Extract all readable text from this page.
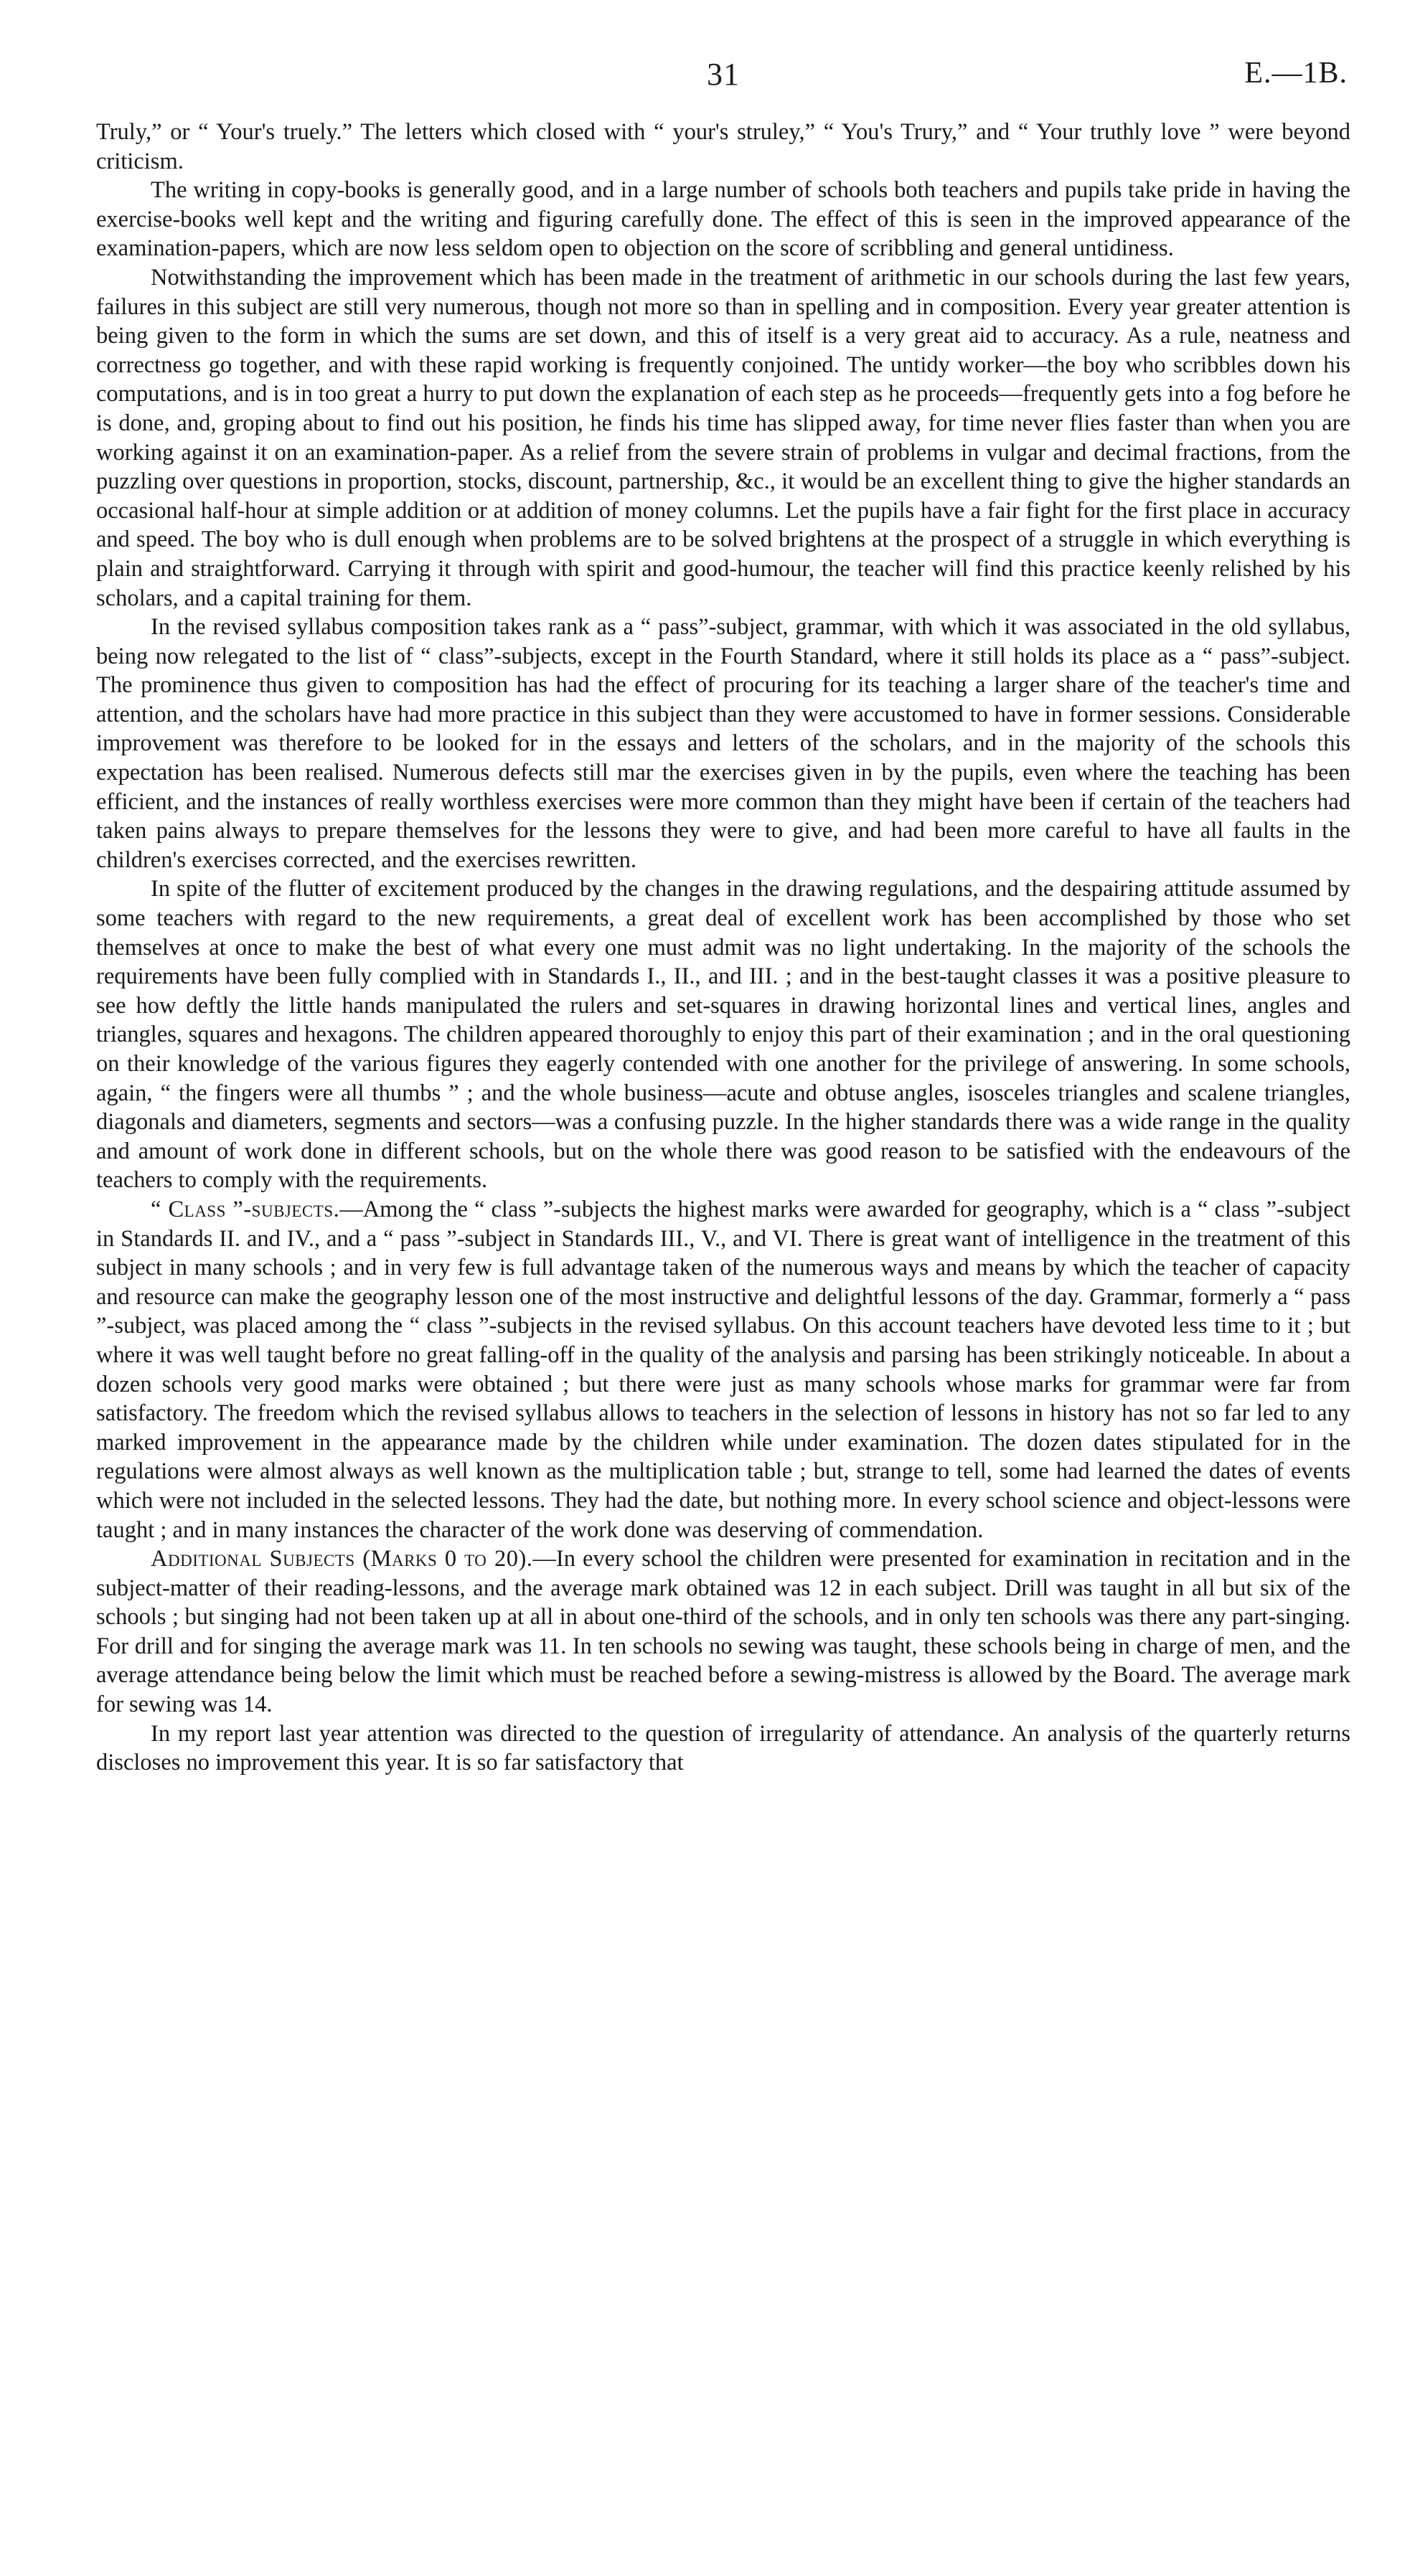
31	E.—1B.

Truly,” or “ Your's truely.” The letters which closed with “ your's struley,” “ You's Trury,” and “ Your truthly love ” were beyond criticism.

The writing in copy-books is generally good, and in a large number of schools both teachers and pupils take pride in having the exercise-books well kept and the writing and figuring carefully done. The effect of this is seen in the improved appearance of the examination-papers, which are now less seldom open to objection on the score of scribbling and general untidiness.

Notwithstanding the improvement which has been made in the treatment of arithmetic in our schools during the last few years, failures in this subject are still very numerous, though not more so than in spelling and in composition. Every year greater attention is being given to the form in which the sums are set down, and this of itself is a very great aid to accuracy. As a rule, neatness and correctness go together, and with these rapid working is frequently conjoined. The untidy worker—the boy who scribbles down his computations, and is in too great a hurry to put down the explanation of each step as he proceeds—frequently gets into a fog before he is done, and, groping about to find out his position, he finds his time has slipped away, for time never flies faster than when you are working against it on an examination-paper. As a relief from the severe strain of problems in vulgar and decimal fractions, from the puzzling over questions in proportion, stocks, discount, partnership, &c., it would be an excellent thing to give the higher standards an occasional half-hour at simple addition or at addition of money columns. Let the pupils have a fair fight for the first place in accuracy and speed. The boy who is dull enough when problems are to be solved brightens at the prospect of a struggle in which everything is plain and straightforward. Carrying it through with spirit and good-humour, the teacher will find this practice keenly relished by his scholars, and a capital training for them.

In the revised syllabus composition takes rank as a “ pass”-subject, grammar, with which it was associated in the old syllabus, being now relegated to the list of “ class”-subjects, except in the Fourth Standard, where it still holds its place as a “ pass”-subject. The prominence thus given to composition has had the effect of procuring for its teaching a larger share of the teacher's time and attention, and the scholars have had more practice in this subject than they were accustomed to have in former sessions. Considerable improvement was therefore to be looked for in the essays and letters of the scholars, and in the majority of the schools this expectation has been realised. Numerous defects still mar the exercises given in by the pupils, even where the teaching has been efficient, and the instances of really worthless exercises were more common than they might have been if certain of the teachers had taken pains always to prepare themselves for the lessons they were to give, and had been more careful to have all faults in the children's exercises corrected, and the exercises rewritten.

In spite of the flutter of excitement produced by the changes in the drawing regulations, and the despairing attitude assumed by some teachers with regard to the new requirements, a great deal of excellent work has been accomplished by those who set themselves at once to make the best of what every one must admit was no light undertaking. In the majority of the schools the requirements have been fully complied with in Standards I., II., and III. ; and in the best-taught classes it was a positive pleasure to see how deftly the little hands manipulated the rulers and set-squares in drawing horizontal lines and vertical lines, angles and triangles, squares and hexagons. The children appeared thoroughly to enjoy this part of their examination ; and in the oral questioning on their knowledge of the various figures they eagerly contended with one another for the privilege of answering. In some schools, again, “ the fingers were all thumbs ” ; and the whole business—acute and obtuse angles, isosceles triangles and scalene triangles, diagonals and diameters, segments and sectors—was a confusing puzzle. In the higher standards there was a wide range in the quality and amount of work done in different schools, but on the whole there was good reason to be satisfied with the endeavours of the teachers to comply with the requirements.

“ Class ”-subjects.—Among the “ class ”-subjects the highest marks were awarded for geography, which is a “ class ”-subject in Standards II. and IV., and a “ pass ”-subject in Standards III., V., and VI. There is great want of intelligence in the treatment of this subject in many schools ; and in very few is full advantage taken of the numerous ways and means by which the teacher of capacity and resource can make the geography lesson one of the most instructive and delightful lessons of the day. Grammar, formerly a “ pass ”-subject, was placed among the “ class ”-subjects in the revised syllabus. On this account teachers have devoted less time to it ; but where it was well taught before no great falling-off in the quality of the analysis and parsing has been strikingly noticeable. In about a dozen schools very good marks were obtained ; but there were just as many schools whose marks for grammar were far from satisfactory. The freedom which the revised syllabus allows to teachers in the selection of lessons in history has not so far led to any marked improvement in the appearance made by the children while under examination. The dozen dates stipulated for in the regulations were almost always as well known as the multiplication table ; but, strange to tell, some had learned the dates of events which were not included in the selected lessons. They had the date, but nothing more. In every school science and object-lessons were taught ; and in many instances the character of the work done was deserving of commendation.

Additional Subjects (Marks 0 to 20).—In every school the children were presented for examination in recitation and in the subject-matter of their reading-lessons, and the average mark obtained was 12 in each subject. Drill was taught in all but six of the schools ; but singing had not been taken up at all in about one-third of the schools, and in only ten schools was there any part-singing. For drill and for singing the average mark was 11. In ten schools no sewing was taught, these schools being in charge of men, and the average attendance being below the limit which must be reached before a sewing-mistress is allowed by the Board. The average mark for sewing was 14.

In my report last year attention was directed to the question of irregularity of attendance. An analysis of the quarterly returns discloses no improvement this year. It is so far satisfactory that
